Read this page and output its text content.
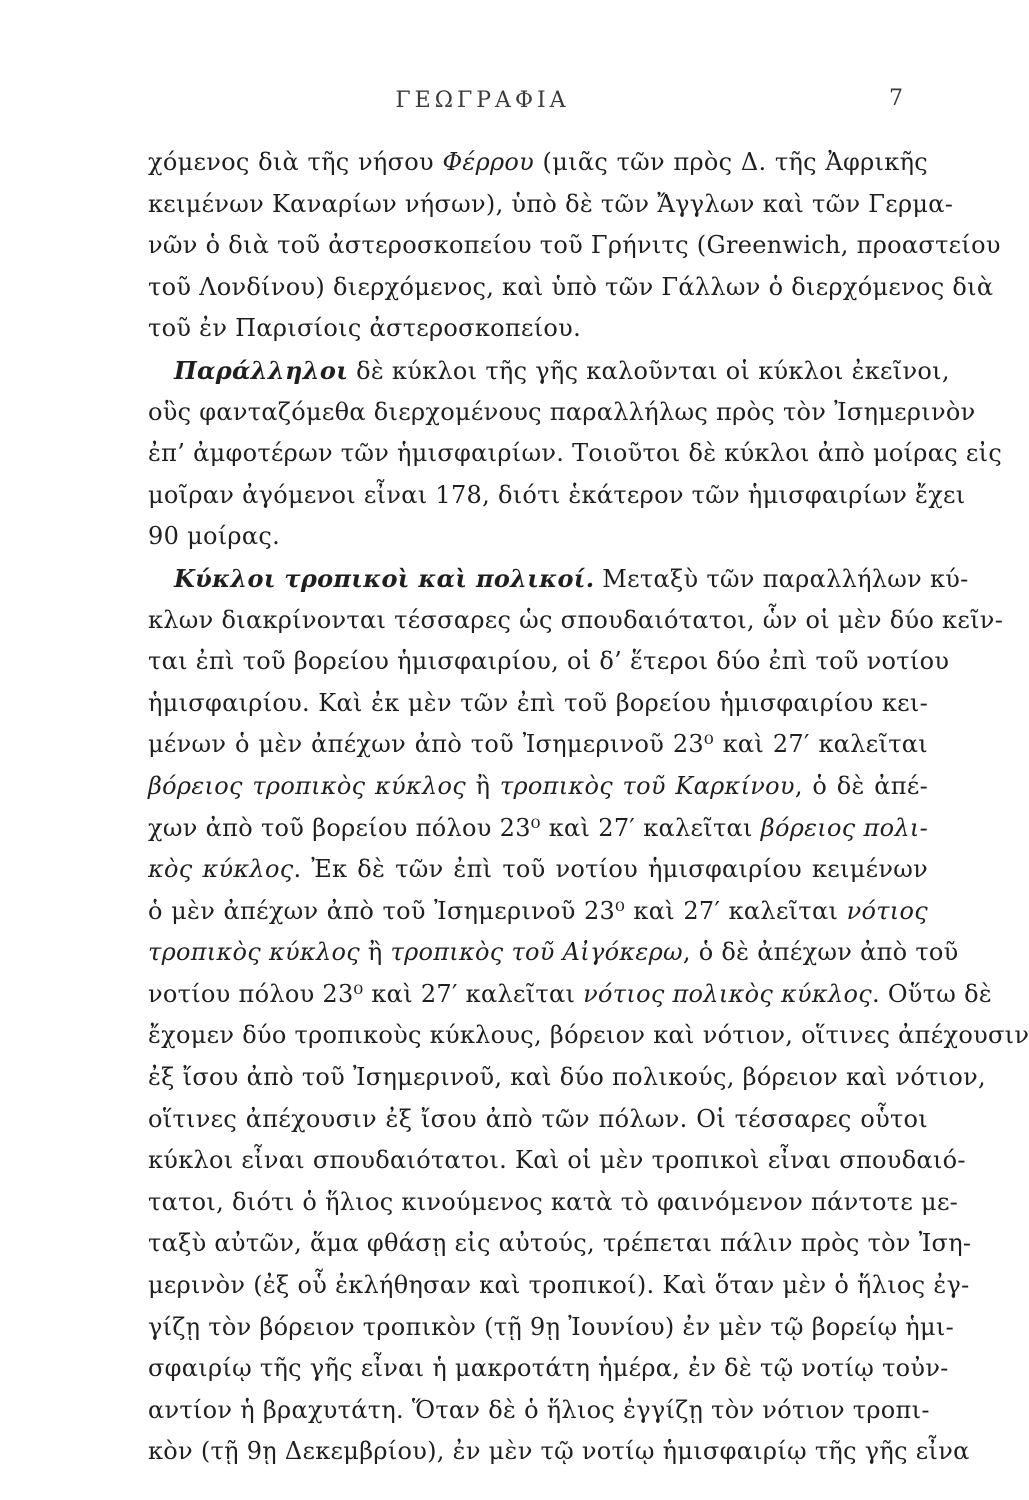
ΓΕΩΓΡΑΦΙΑ	7
χόμενος διὰ τῆς νήσου Φέρρου (μιᾶς τῶν πρὸς Δ. τῆς Ἀφρικῆς
κειμένων Καναρίων νήσων), ὑπὸ δὲ τῶν Ἄγγλων καὶ τῶν Γερμα-
νῶν ὁ διὰ τοῦ ἀστεροσκοπείου τοῦ Γρήνιτς (Greenwich, προαστείου
τοῦ Λονδίνου) διερχόμενος, καὶ ὑπὸ τῶν Γάλλων ὁ διερχόμενος διὰ
τοῦ ἐν Παρισίοις ἀστεροσκοπείου.
Παράλληλοι δὲ κύκλοι τῆς γῆς καλοῦνται οἱ κύκλοι ἐκεῖνοι,
οὓς φανταζόμεθα διερχομένους παραλλήλως πρὸς τὸν Ἰσημερινὸν
ἐπ’ ἀμφοτέρων τῶν ἡμισφαιρίων. Τοιοῦτοι δὲ κύκλοι ἀπὸ μοίρας εἰς
μοῖραν ἀγόμενοι εἶναι 178, διότι ἑκάτερον τῶν ἡμισφαιρίων ἔχει
90 μοίρας.
Κύκλοι τροπικοὶ καὶ πολικοί. Μεταξὺ τῶν παραλλήλων κύ-
κλων διακρίνονται τέσσαρες ὡς σπουδαιότατοι, ὧν οἱ μὲν δύο κεῖν-
ται ἐπὶ τοῦ βορείου ἡμισφαιρίου, οἱ δ’ ἕτεροι δύο ἐπὶ τοῦ νοτίου
ἡμισφαιρίου. Καὶ ἐκ μὲν τῶν ἐπὶ τοῦ βορείου ἡμισφαιρίου κει-
μένων ὁ μὲν ἀπέχων ἀπὸ τοῦ Ἰσημερινοῦ 23⁰ καὶ 27′ καλεῖται
βόρειος τροπικὸς κύκλος ἢ τροπικὸς τοῦ Καρκίνου, ὁ δὲ ἀπέ-
χων ἀπὸ τοῦ βορείου πόλου 23⁰ καὶ 27′ καλεῖται βόρειος πολι-
κὸς κύκλος. Ἐκ δὲ τῶν ἐπὶ τοῦ νοτίου ἡμισφαιρίου κειμένων
ὁ μὲν ἀπέχων ἀπὸ τοῦ Ἰσημερινοῦ 23⁰ καὶ 27′ καλεῖται νότιος
τροπικὸς κύκλος ἢ τροπικὸς τοῦ Αἰγόκερω, ὁ δὲ ἀπέχων ἀπὸ τοῦ
νοτίου πόλου 23⁰ καὶ 27′ καλεῖται νότιος πολικὸς κύκλος. Οὕτω δὲ
ἔχομεν δύο τροπικοὺς κύκλους, βόρειον καὶ νότιον, οἵτινες ἀπέχουσιν
ἐξ ἴσου ἀπὸ τοῦ Ἰσημερινοῦ, καὶ δύο πολικούς, βόρειον καὶ νότιον,
οἵτινες ἀπέχουσιν ἐξ ἴσου ἀπὸ τῶν πόλων. Οἱ τέσσαρες οὗτοι
κύκλοι εἶναι σπουδαιότατοι. Καὶ οἱ μὲν τροπικοὶ εἶναι σπουδαιό-
τατοι, διότι ὁ ἥλιος κινούμενος κατὰ τὸ φαινόμενον πάντοτε με-
ταξὺ αὐτῶν, ἅμα φθάσῃ εἰς αὐτούς, τρέπεται πάλιν πρὸς τὸν Ἰση-
μερινὸν (ἐξ οὗ ἐκλήθησαν καὶ τροπικοί). Καὶ ὅταν μὲν ὁ ἥλιος ἐγ-
γίζῃ τὸν βόρειον τροπικὸν (τῇ 9ῃ Ἰουνίου) ἐν μὲν τῷ βορείῳ ἡμι-
σφαιρίῳ τῆς γῆς εἶναι ἡ μακροτάτη ἡμέρα, ἐν δὲ τῷ νοτίῳ τοὐν-
αντίον ἡ βραχυτάτη. Ὅταν δὲ ὁ ἥλιος ἐγγίζῃ τὸν νότιον τροπι-
κὸν (τῇ 9ῃ Δεκεμβρίου), ἐν μὲν τῷ νοτίῳ ἡμισφαιρίῳ τῆς γῆς εἶνα
